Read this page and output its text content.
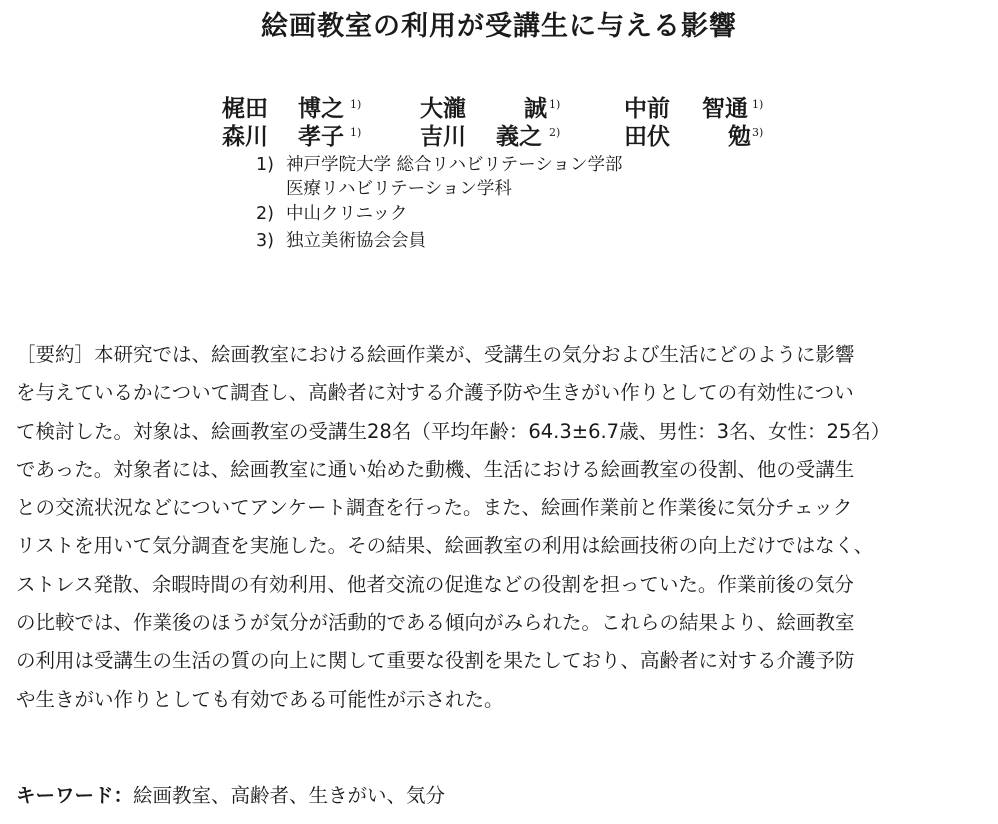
絵画教室の利用が受講生に与える影響
梶田 博之 1)	大瀧	誠 1)	中前 智通 1)
森川 孝子 1)	吉川 義之 2)	田伏	勉 3)
1) 神戸学院大学 総合リハビリテーション学部
医療リハビリテーション学科
2) 中山クリニック
3) 独立美術協会会員
［要約］本研究では、絵画教室における絵画作業が、受講生の気分および生活にどのように影響
を与えているかについて調査し、高齢者に対する介護予防や生きがい作りとしての有効性につい
て検討した。対象は、絵画教室の受講生28名（平均年齢：64.3±6.7歳、男性：3名、女性：25名）
であった。対象者には、絵画教室に通い始めた動機、生活における絵画教室の役割、他の受講生
との交流状況などについてアンケート調査を行った。また、絵画作業前と作業後に気分チェック
リストを用いて気分調査を実施した。その結果、絵画教室の利用は絵画技術の向上だけではなく、
ストレス発散、余暇時間の有効利用、他者交流の促進などの役割を担っていた。作業前後の気分
の比較では、作業後のほうが気分が活動的である傾向がみられた。これらの結果より、絵画教室
の利用は受講生の生活の質の向上に関して重要な役割を果たしており、高齢者に対する介護予防
や生きがい作りとしても有効である可能性が示された。
キーワード：絵画教室、高齢者、生きがい、気分
